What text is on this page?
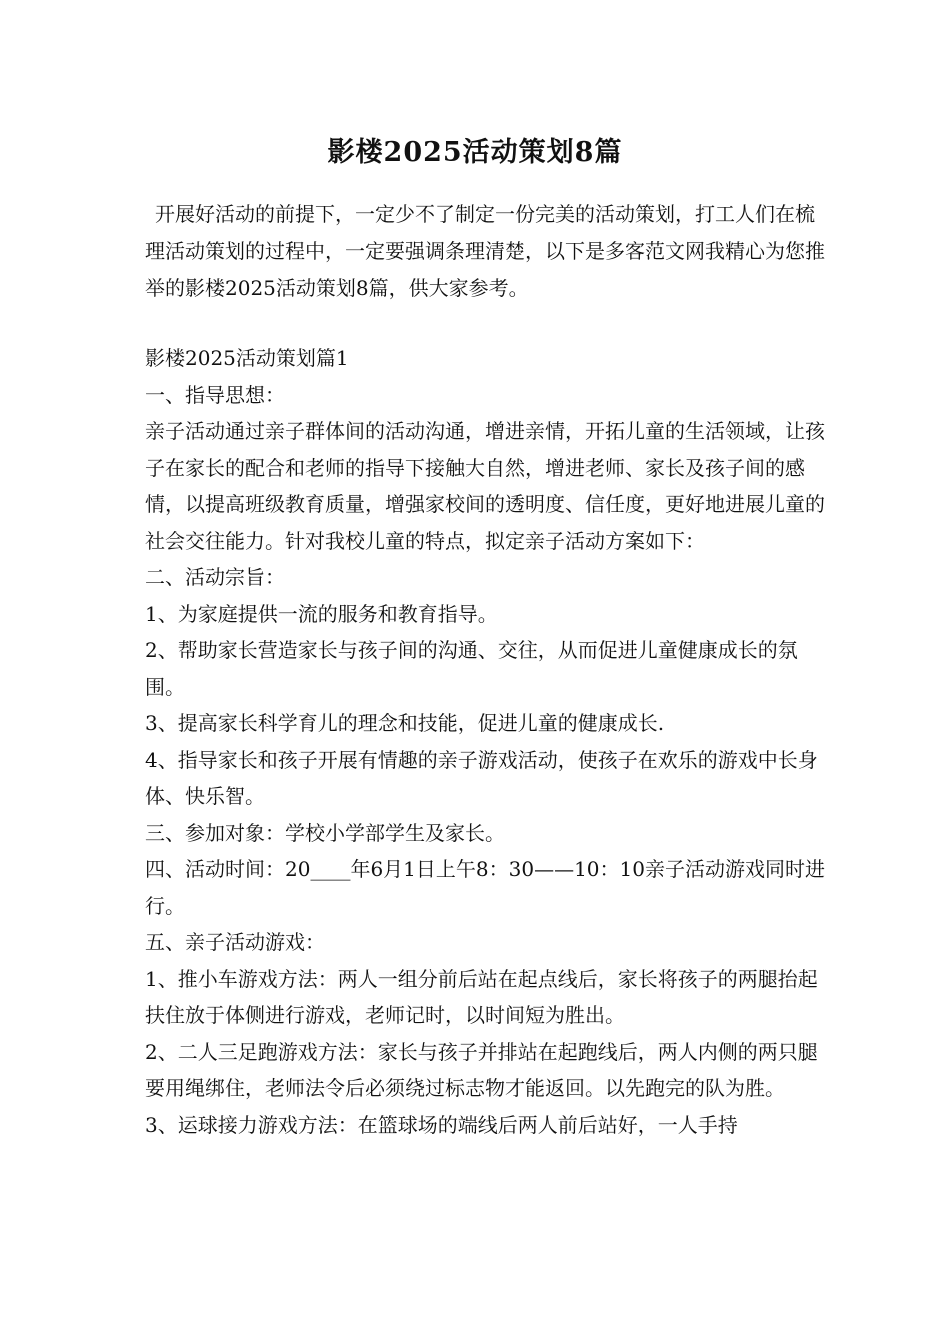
影楼2025活动策划8篇
开展好活动的前提下，一定少不了制定一份完美的活动策划，打工人们在梳理活动策划的过程中，一定要强调条理清楚，以下是多客范文网我精心为您推举的影楼2025活动策划8篇，供大家参考。

影楼2025活动策划篇1

一、指导思想：

亲子活动通过亲子群体间的活动沟通，增进亲情，开拓儿童的生活领域，让孩子在家长的配合和老师的指导下接触大自然，增进老师、家长及孩子间的感情，以提高班级教育质量，增强家校间的透明度、信任度，更好地进展儿童的社会交往能力。针对我校儿童的特点，拟定亲子活动方案如下：

二、活动宗旨：

1、为家庭提供一流的服务和教育指导。

2、帮助家长营造家长与孩子间的沟通、交往，从而促进儿童健康成长的氛围。

3、提高家长科学育儿的理念和技能，促进儿童的健康成长.

4、指导家长和孩子开展有情趣的亲子游戏活动，使孩子在欢乐的游戏中长身体、快乐智。

三、参加对象：学校小学部学生及家长。

四、活动时间：20____年6月1日上午8：30——10：10亲子活动游戏同时进行。

五、亲子活动游戏：

1、推小车游戏方法：两人一组分前后站在起点线后，家长将孩子的两腿抬起扶住放于体侧进行游戏，老师记时，以时间短为胜出。

2、二人三足跑游戏方法：家长与孩子并排站在起跑线后，两人内侧的两只腿要用绳绑住，老师法令后必须绕过标志物才能返回。以先跑完的队为胜。

3、运球接力游戏方法：在篮球场的端线后两人前后站好，一人手持
